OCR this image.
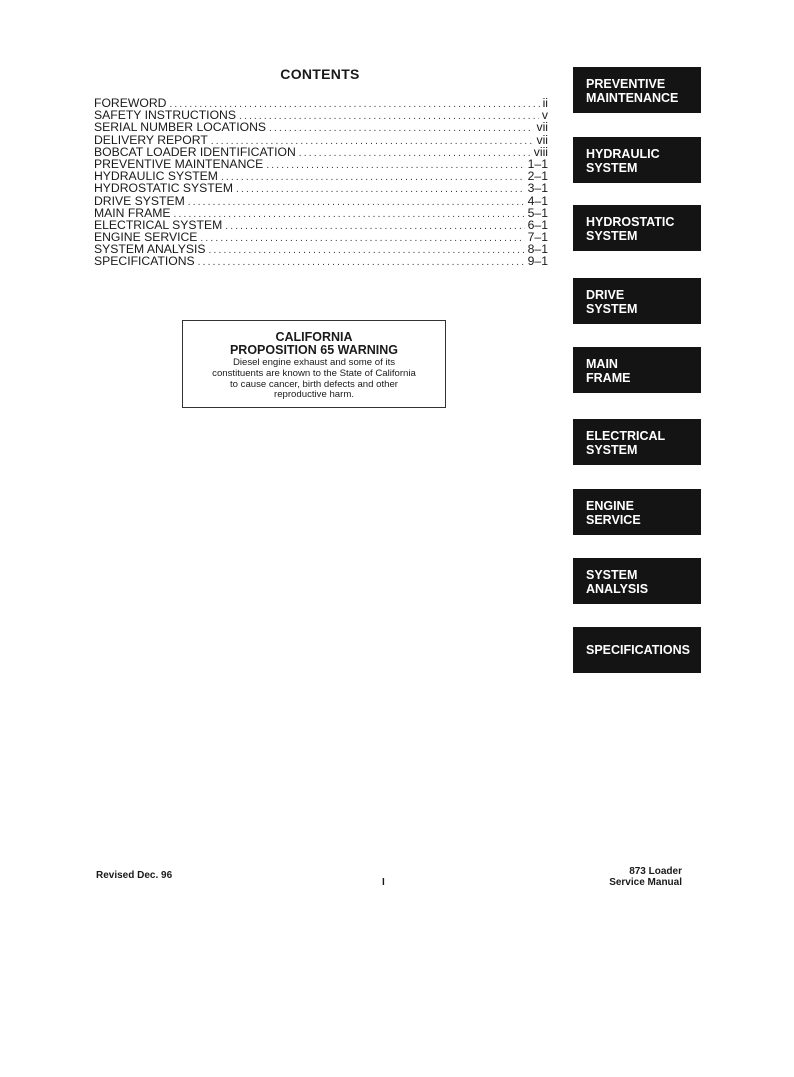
CONTENTS
FOREWORD .....	ii
SAFETY INSTRUCTIONS .....	v
SERIAL NUMBER LOCATIONS .....	vii
DELIVERY REPORT .....	vii
BOBCAT LOADER IDENTIFICATION .....	viii
PREVENTIVE MAINTENANCE .....	1–1
HYDRAULIC SYSTEM .....	2–1
HYDROSTATIC SYSTEM .....	3–1
DRIVE SYSTEM .....	4–1
MAIN FRAME .....	5–1
ELECTRICAL SYSTEM .....	6–1
ENGINE SERVICE .....	7–1
SYSTEM ANALYSIS .....	8–1
SPECIFICATIONS .....	9–1
CALIFORNIA
PROPOSITION 65 WARNING
Diesel engine exhaust and some of its
constituents are known to the State of California
to cause cancer, birth defects and other
reproductive harm.
PREVENTIVE
MAINTENANCE
HYDRAULIC
SYSTEM
HYDROSTATIC
SYSTEM
DRIVE
SYSTEM
MAIN
FRAME
ELECTRICAL
SYSTEM
ENGINE
SERVICE
SYSTEM
ANALYSIS
SPECIFICATIONS
Revised Dec. 96
I
873 Loader
Service Manual
